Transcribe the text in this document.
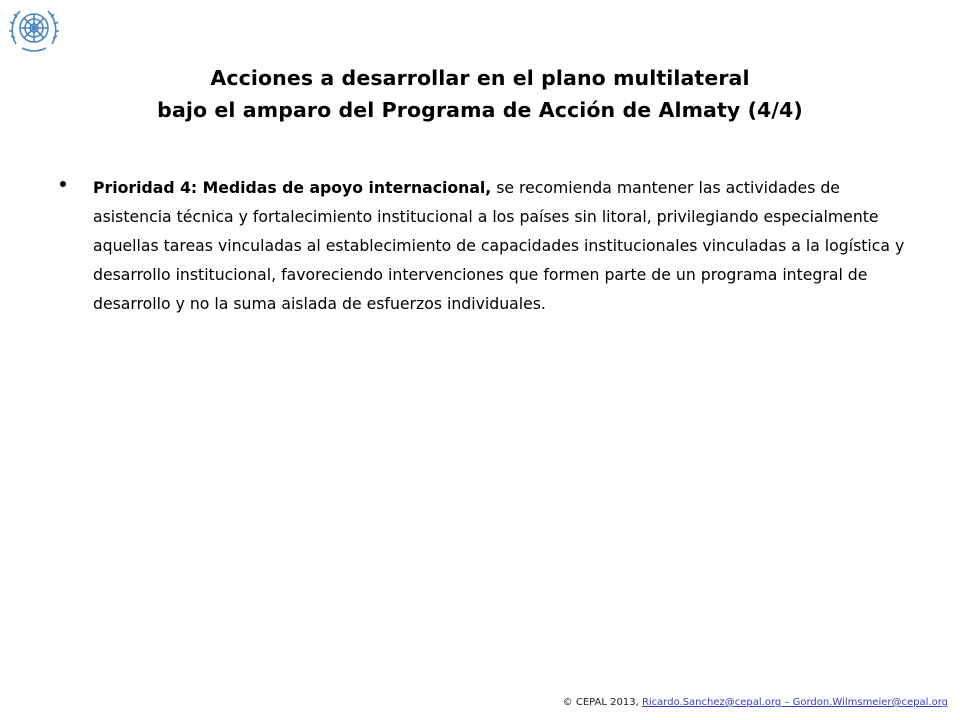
Acciones a desarrollar en el plano multilateral
bajo el amparo del Programa de Acción de Almaty (4/4)
Prioridad 4: Medidas de apoyo internacional, se recomienda mantener las actividades de asistencia técnica y fortalecimiento institucional a los países sin litoral, privilegiando especialmente aquellas tareas vinculadas al establecimiento de capacidades institucionales vinculadas a la logística y desarrollo institucional, favoreciendo intervenciones que formen parte de un programa integral de desarrollo y no la suma aislada de esfuerzos individuales.
© CEPAL 2013, Ricardo.Sanchez@cepal.org – Gordon.Wilmsmeier@cepal.org
